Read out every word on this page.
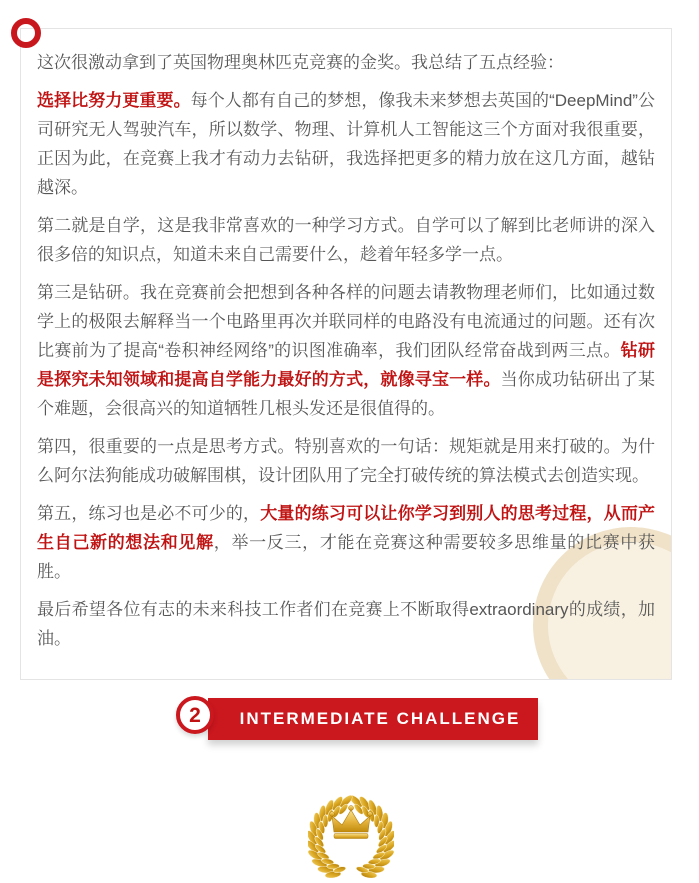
这次很激动拿到了英国物理奥林匹克竞赛的金奖。我总结了五点经验：

选择比努力更重要。每个人都有自己的梦想，像我未来梦想去英国的“DeepMind”公司研究无人驾驶汽车，所以数学、物理、计算机人工智能这三个方面对我很重要，正因为此，在竞赛上我才有动力去钻研，我选择把更多的精力放在这几方面，越钻越深。

第二就是自学，这是我非常喜欢的一种学习方式。自学可以了解到比老师讲的深入很多倍的知识点，知道未来自己需要什么，趁着年轻多学一点。

第三是钻研。我在竞赛前会把想到各种各样的问题去请教物理老师们，比如通过数学上的极限去解释当一个电路里再次并联同样的电路没有电流通过的问题。还有次比赛前为了提高“卷积神经网络”的识图准确率，我们团队经常奋战到两三点。钻研是探究未知领域和提高自学能力最好的方式，就像寻宝一样。当你成功钻研出了某个难题，会很高兴的知道牺牲几根头发还是很值得的。

第四，很重要的一点是思考方式。特别喜欢的一句话：规矩就是用来打破的。为什么阿尔法狗能成功破解围棋，设计团队用了完全打破传统的算法模式去创造实现。

第五，练习也是必不可少的，大量的练习可以让你学习到别人的思考过程，从而产生自己新的想法和见解，举一反三，才能在竞赛这种需要较多思维量的比赛中获胜。

最后希望各位有志的未来科技工作者们在竞赛上不断取得extraordinary的成绩，加油。

2	INTERMEDIATE CHALLENGE
